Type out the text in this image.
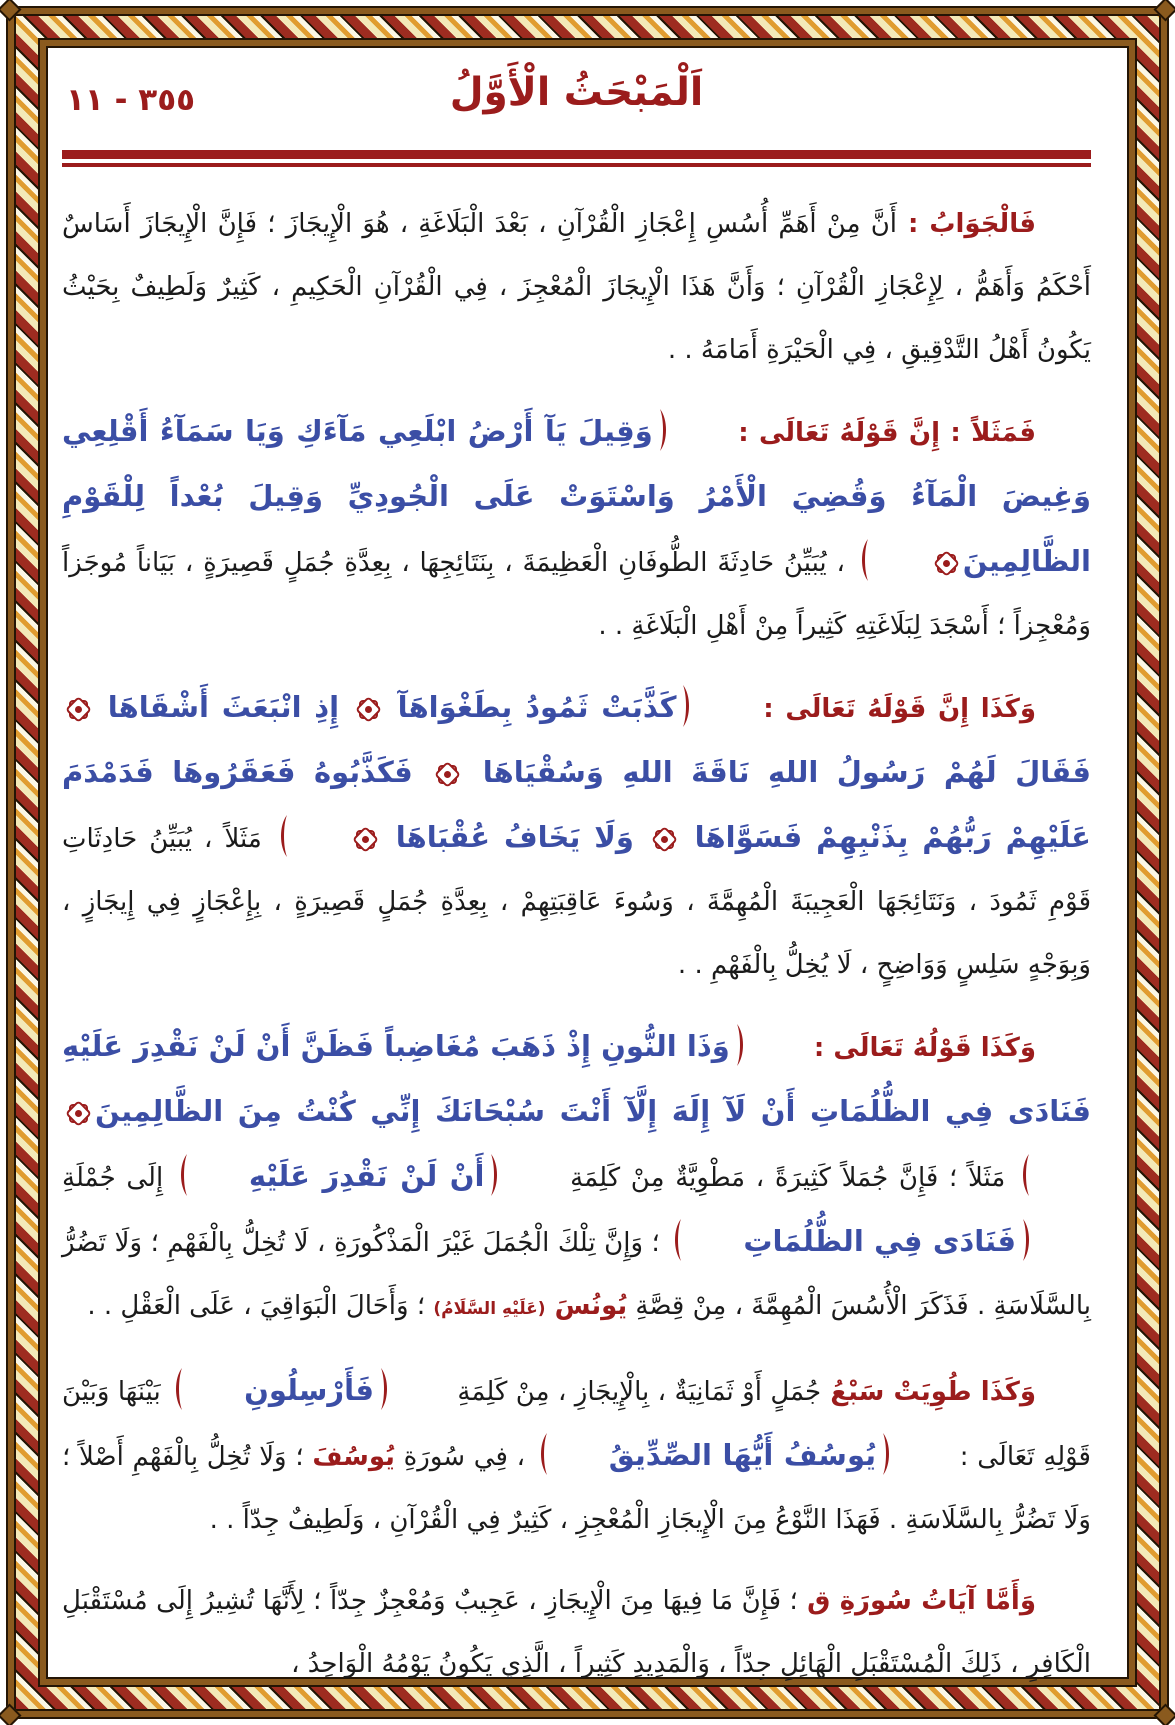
٣٥٥ - ١١	اَلْمَبْحَثُ الْأَوَّلُ

فَالْجَوَابُ : أَنَّ مِنْ أَهَمِّ أُسُسِ إِعْجَازِ الْقُرْآنِ ، بَعْدَ الْبَلَاغَةِ ، هُوَ الْإِيجَازَ ؛ فَإِنَّ الْإِيجَازَ أَسَاسٌ أَحْكَمُ وَأَهَمُّ ، لِإِعْجَازِ الْقُرْآنِ ؛ وَأَنَّ هَذَا الْإِيجَازَ الْمُعْجِزَ ، فِي الْقُرْآنِ الْحَكِيمِ ، كَثِيرٌ وَلَطِيفٌ بِحَيْثُ يَكُونُ أَهْلُ التَّدْقِيقِ ، فِي الْحَيْرَةِ أَمَامَهُ . .

فَمَثَلاً : إِنَّ قَوْلَهُ تَعَالَى : وَقِيلَ يَآ أَرْضُ ابْلَعِي مَآءَكِ وَيَا سَمَآءُ أَقْلِعِي وَغِيضَ الْمَآءُ وَقُضِيَ الْأَمْرُ وَاسْتَوَتْ عَلَى الْجُودِيِّ وَقِيلَ بُعْداً لِلْقَوْمِ الظَّالِمِينَ
، يُبَيِّنُ حَادِثَةَ الطُّوفَانِ الْعَظِيمَةَ ، بِنَتَائِجِهَا ، بِعِدَّةِ جُمَلٍ قَصِيرَةٍ ، بَيَاناً مُوجَزاً وَمُعْجِزاً ؛ أَسْجَدَ لِبَلَاغَتِهِ كَثِيراً مِنْ أَهْلِ الْبَلَاغَةِ . .

وَكَذَا إِنَّ قَوْلَهُ تَعَالَى : كَذَّبَتْ ثَمُودُ بِطَغْوَاهَآ
إِذِ انْبَعَثَ أَشْقَاهَا
فَقَالَ لَهُمْ رَسُولُ اللهِ نَاقَةَ اللهِ وَسُقْيَاهَا
فَكَذَّبُوهُ فَعَقَرُوهَا فَدَمْدَمَ عَلَيْهِمْ رَبُّهُمْ بِذَنْبِهِمْ فَسَوَّاهَا
وَلَا يَخَافُ عُقْبَاهَا
مَثَلاً ، يُبَيِّنُ حَادِثَاتِ قَوْمِ ثَمُودَ ، وَنَتَائِجَهَا الْعَجِيبَةَ الْمُهِمَّةَ ، وَسُوءَ عَاقِبَتِهِمْ ، بِعِدَّةِ جُمَلٍ قَصِيرَةٍ ، بِإِعْجَازٍ فِي إِيجَازٍ ، وَبِوَجْهٍ سَلِسٍ وَوَاضِحٍ ، لَا يُخِلُّ بِالْفَهْمِ . .

وَكَذَا قَوْلُهُ تَعَالَى : وَذَا النُّونِ إِذْ ذَهَبَ مُغَاضِباً فَظَنَّ أَنْ لَنْ نَقْدِرَ عَلَيْهِ فَنَادَى فِي الظُّلُمَاتِ أَنْ لَآ إِلَهَ إِلَّآ أَنْتَ سُبْحَانَكَ إِنِّي كُنْتُ مِنَ الظَّالِمِينَ
مَثَلاً ؛ فَإِنَّ جُمَلاً كَثِيرَةً ، مَطْوِيَّةٌ مِنْ كَلِمَةِ أَنْ لَنْ نَقْدِرَ عَلَيْهِ إِلَى جُمْلَةِ فَنَادَى فِي الظُّلُمَاتِ ؛ وَإِنَّ تِلْكَ الْجُمَلَ غَيْرَ الْمَذْكُورَةِ ، لَا تُخِلُّ بِالْفَهْمِ ؛ وَلَا تَضُرُّ بِالسَّلَاسَةِ . فَذَكَرَ الْأُسُسَ الْمُهِمَّةَ ، مِنْ قِصَّةِ يُونُسَ (عَلَيْهِ السَّلَامُ) ؛ وَأَحَالَ الْبَوَاقِيَ ، عَلَى الْعَقْلِ . .

وَكَذَا طُوِيَتْ سَبْعُ جُمَلٍ أَوْ ثَمَانِيَةٌ ، بِالْإِيجَازِ ، مِنْ كَلِمَةِ فَأَرْسِلُونِ بَيْنَهَا وَبَيْنَ قَوْلِهِ تَعَالَى : يُوسُفُ أَيُّهَا الصِّدِّيقُ ، فِي سُورَةِ يُوسُفَ ؛ وَلَا تُخِلُّ بِالْفَهْمِ أَصْلاً ؛ وَلَا تَضُرُّ بِالسَّلَاسَةِ . فَهَذَا النَّوْعُ مِنَ الْإِيجَازِ الْمُعْجِزِ ، كَثِيرٌ فِي الْقُرْآنِ ، وَلَطِيفٌ جِدّاً . .

وَأَمَّا آيَاتُ سُورَةِ ق ؛ فَإِنَّ مَا فِيهَا مِنَ الْإِيجَازِ ، عَجِيبٌ وَمُعْجِزٌ جِدّاً ؛ لِأَنَّهَا تُشِيرُ إِلَى مُسْتَقْبَلِ الْكَافِرِ ، ذَلِكَ الْمُسْتَقْبَلِ الْهَائِلِ جِدّاً ، وَالْمَدِيدِ كَثِيراً ، الَّذِي يَكُونُ يَوْمُهُ الْوَاحِدُ ،
